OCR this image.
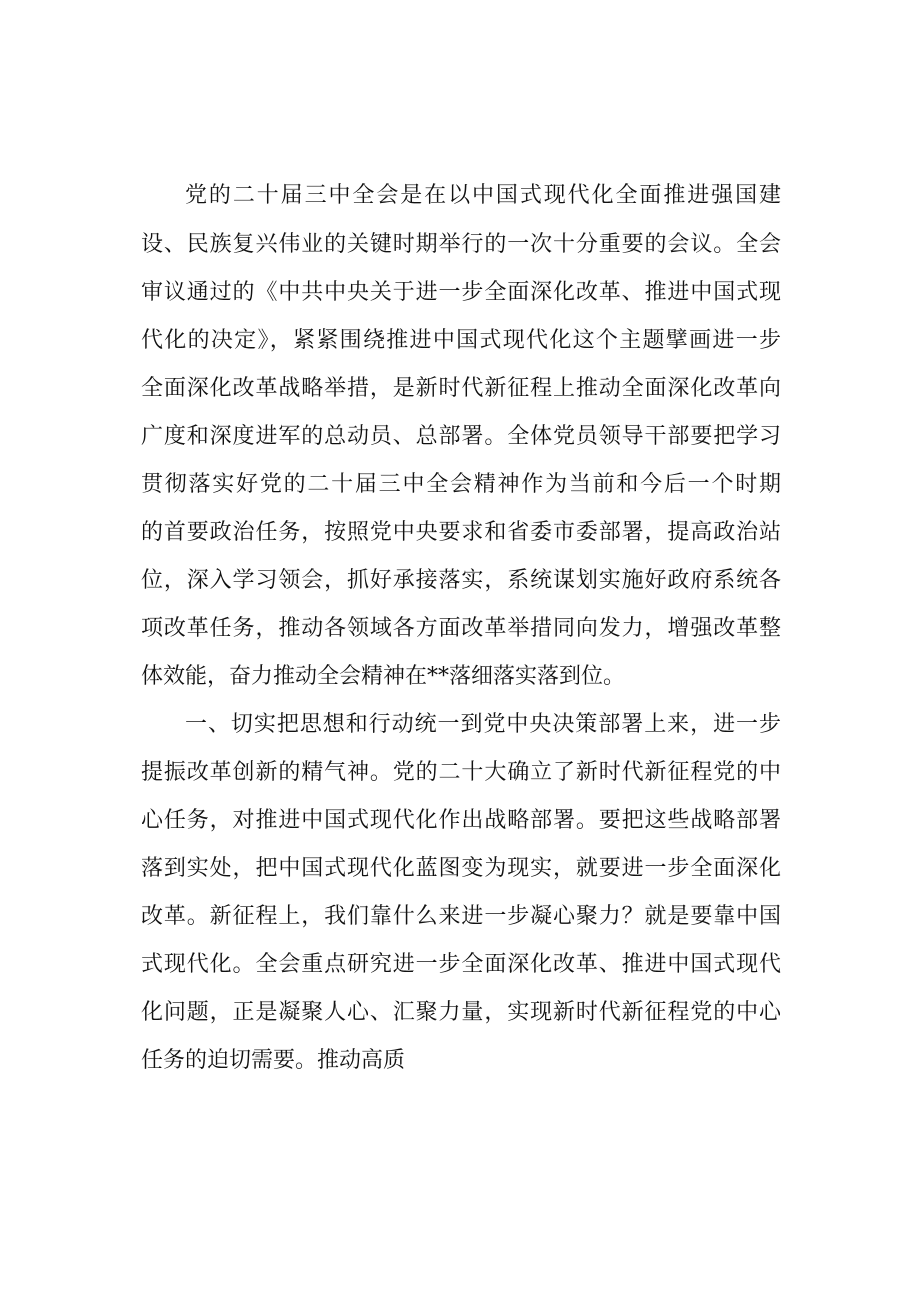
党的二十届三中全会是在以中国式现代化全面推进强国建
设、民族复兴伟业的关键时期举行的一次十分重要的会议。全会
审议通过的《中共中央关于进一步全面深化改革、推进中国式现
代化的决定》，紧紧围绕推进中国式现代化这个主题擘画进一步
全面深化改革战略举措，是新时代新征程上推动全面深化改革向
广度和深度进军的总动员、总部署。全体党员领导干部要把学习
贯彻落实好党的二十届三中全会精神作为当前和今后一个时期
的首要政治任务，按照党中央要求和省委市委部署，提高政治站
位，深入学习领会，抓好承接落实，系统谋划实施好政府系统各
项改革任务，推动各领域各方面改革举措同向发力，增强改革整
体效能，奋力推动全会精神在**落细落实落到位。
一、切实把思想和行动统一到党中央决策部署上来，进一步
提振改革创新的精气神。党的二十大确立了新时代新征程党的中
心任务，对推进中国式现代化作出战略部署。要把这些战略部署
落到实处，把中国式现代化蓝图变为现实，就要进一步全面深化
改革。新征程上，我们靠什么来进一步凝心聚力？就是要靠中国
式现代化。全会重点研究进一步全面深化改革、推进中国式现代
化问题，正是凝聚人心、汇聚力量，实现新时代新征程党的中心
任务的迫切需要。推动高质
